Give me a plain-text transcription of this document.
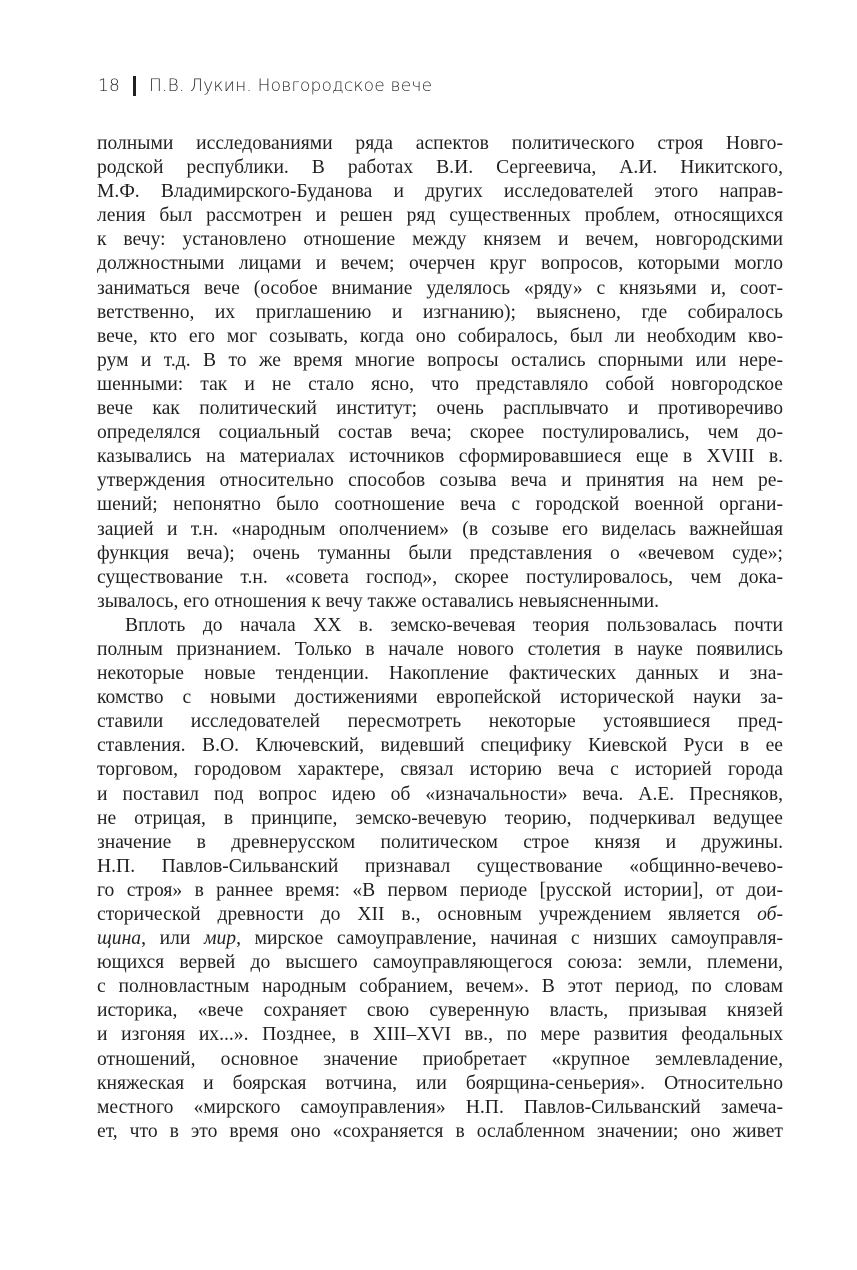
18 П.В. Лукин. Новгородское вече

полными исследованиями ряда аспектов политического строя Новго-
родской республики. В работах В.И. Сергеевича, А.И. Никитского,
М.Ф. Владимирского-Буданова и других исследователей этого направ-
ления был рассмотрен и решен ряд существенных проблем, относящихся
к вечу: установлено отношение между князем и вечем, новгородскими
должностными лицами и вечем; очерчен круг вопросов, которыми могло
заниматься вече (особое внимание уделялось «ряду» с князьями и, соот-
ветственно, их приглашению и изгнанию); выяснено, где собиралось
вече, кто его мог созывать, когда оно собиралось, был ли необходим кво-
рум и т.д. В то же время многие вопросы остались спорными или нере-
шенными: так и не стало ясно, что представляло собой новгородское
вече как политический институт; очень расплывчато и противоречиво
определялся социальный состав веча; скорее постулировались, чем до-
казывались на материалах источников сформировавшиеся еще в XVIII в.
утверждения относительно способов созыва веча и принятия на нем ре-
шений; непонятно было соотношение веча с городской военной органи-
зацией и т.н. «народным ополчением» (в созыве его виделась важнейшая
функция веча); очень туманны были представления о «вечевом суде»;
существование т.н. «совета господ», скорее постулировалось, чем дока-
зывалось, его отношения к вечу также оставались невыясненными.

Вплоть до начала XX в. земско-вечевая теория пользовалась почти
полным признанием. Только в начале нового столетия в науке появились
некоторые новые тенденции. Накопление фактических данных и зна-
комство с новыми достижениями европейской исторической науки за-
ставили исследователей пересмотреть некоторые устоявшиеся пред-
ставления. В.О. Ключевский, видевший специфику Киевской Руси в ее
торговом, городовом характере, связал историю веча с историей города
и поставил под вопрос идею об «изначальности» веча. А.Е. Пресняков,
не отрицая, в принципе, земско-вечевую теорию, подчеркивал ведущее
значение в древнерусском политическом строе князя и дружины.
Н.П. Павлов-Сильванский признавал существование «общинно-вечево-
го строя» в раннее время: «В первом периоде [русской истории], от дои-
сторической древности до XII в., основным учреждением является об-
щина, или мир, мирское самоуправление, начиная с низших самоуправля-
ющихся вервей до высшего самоуправляющегося союза: земли, племени,
с полновластным народным собранием, вечем». В этот период, по словам
историка, «вече сохраняет свою суверенную власть, призывая князей
и изгоняя их...». Позднее, в XIII–XVI вв., по мере развития феодальных
отношений, основное значение приобретает «крупное землевладение,
княжеская и боярская вотчина, или боярщина-сеньерия». Относительно
местного «мирского самоуправления» Н.П. Павлов-Сильванский замеча-
ет, что в это время оно «сохраняется в ослабленном значении; оно живет
